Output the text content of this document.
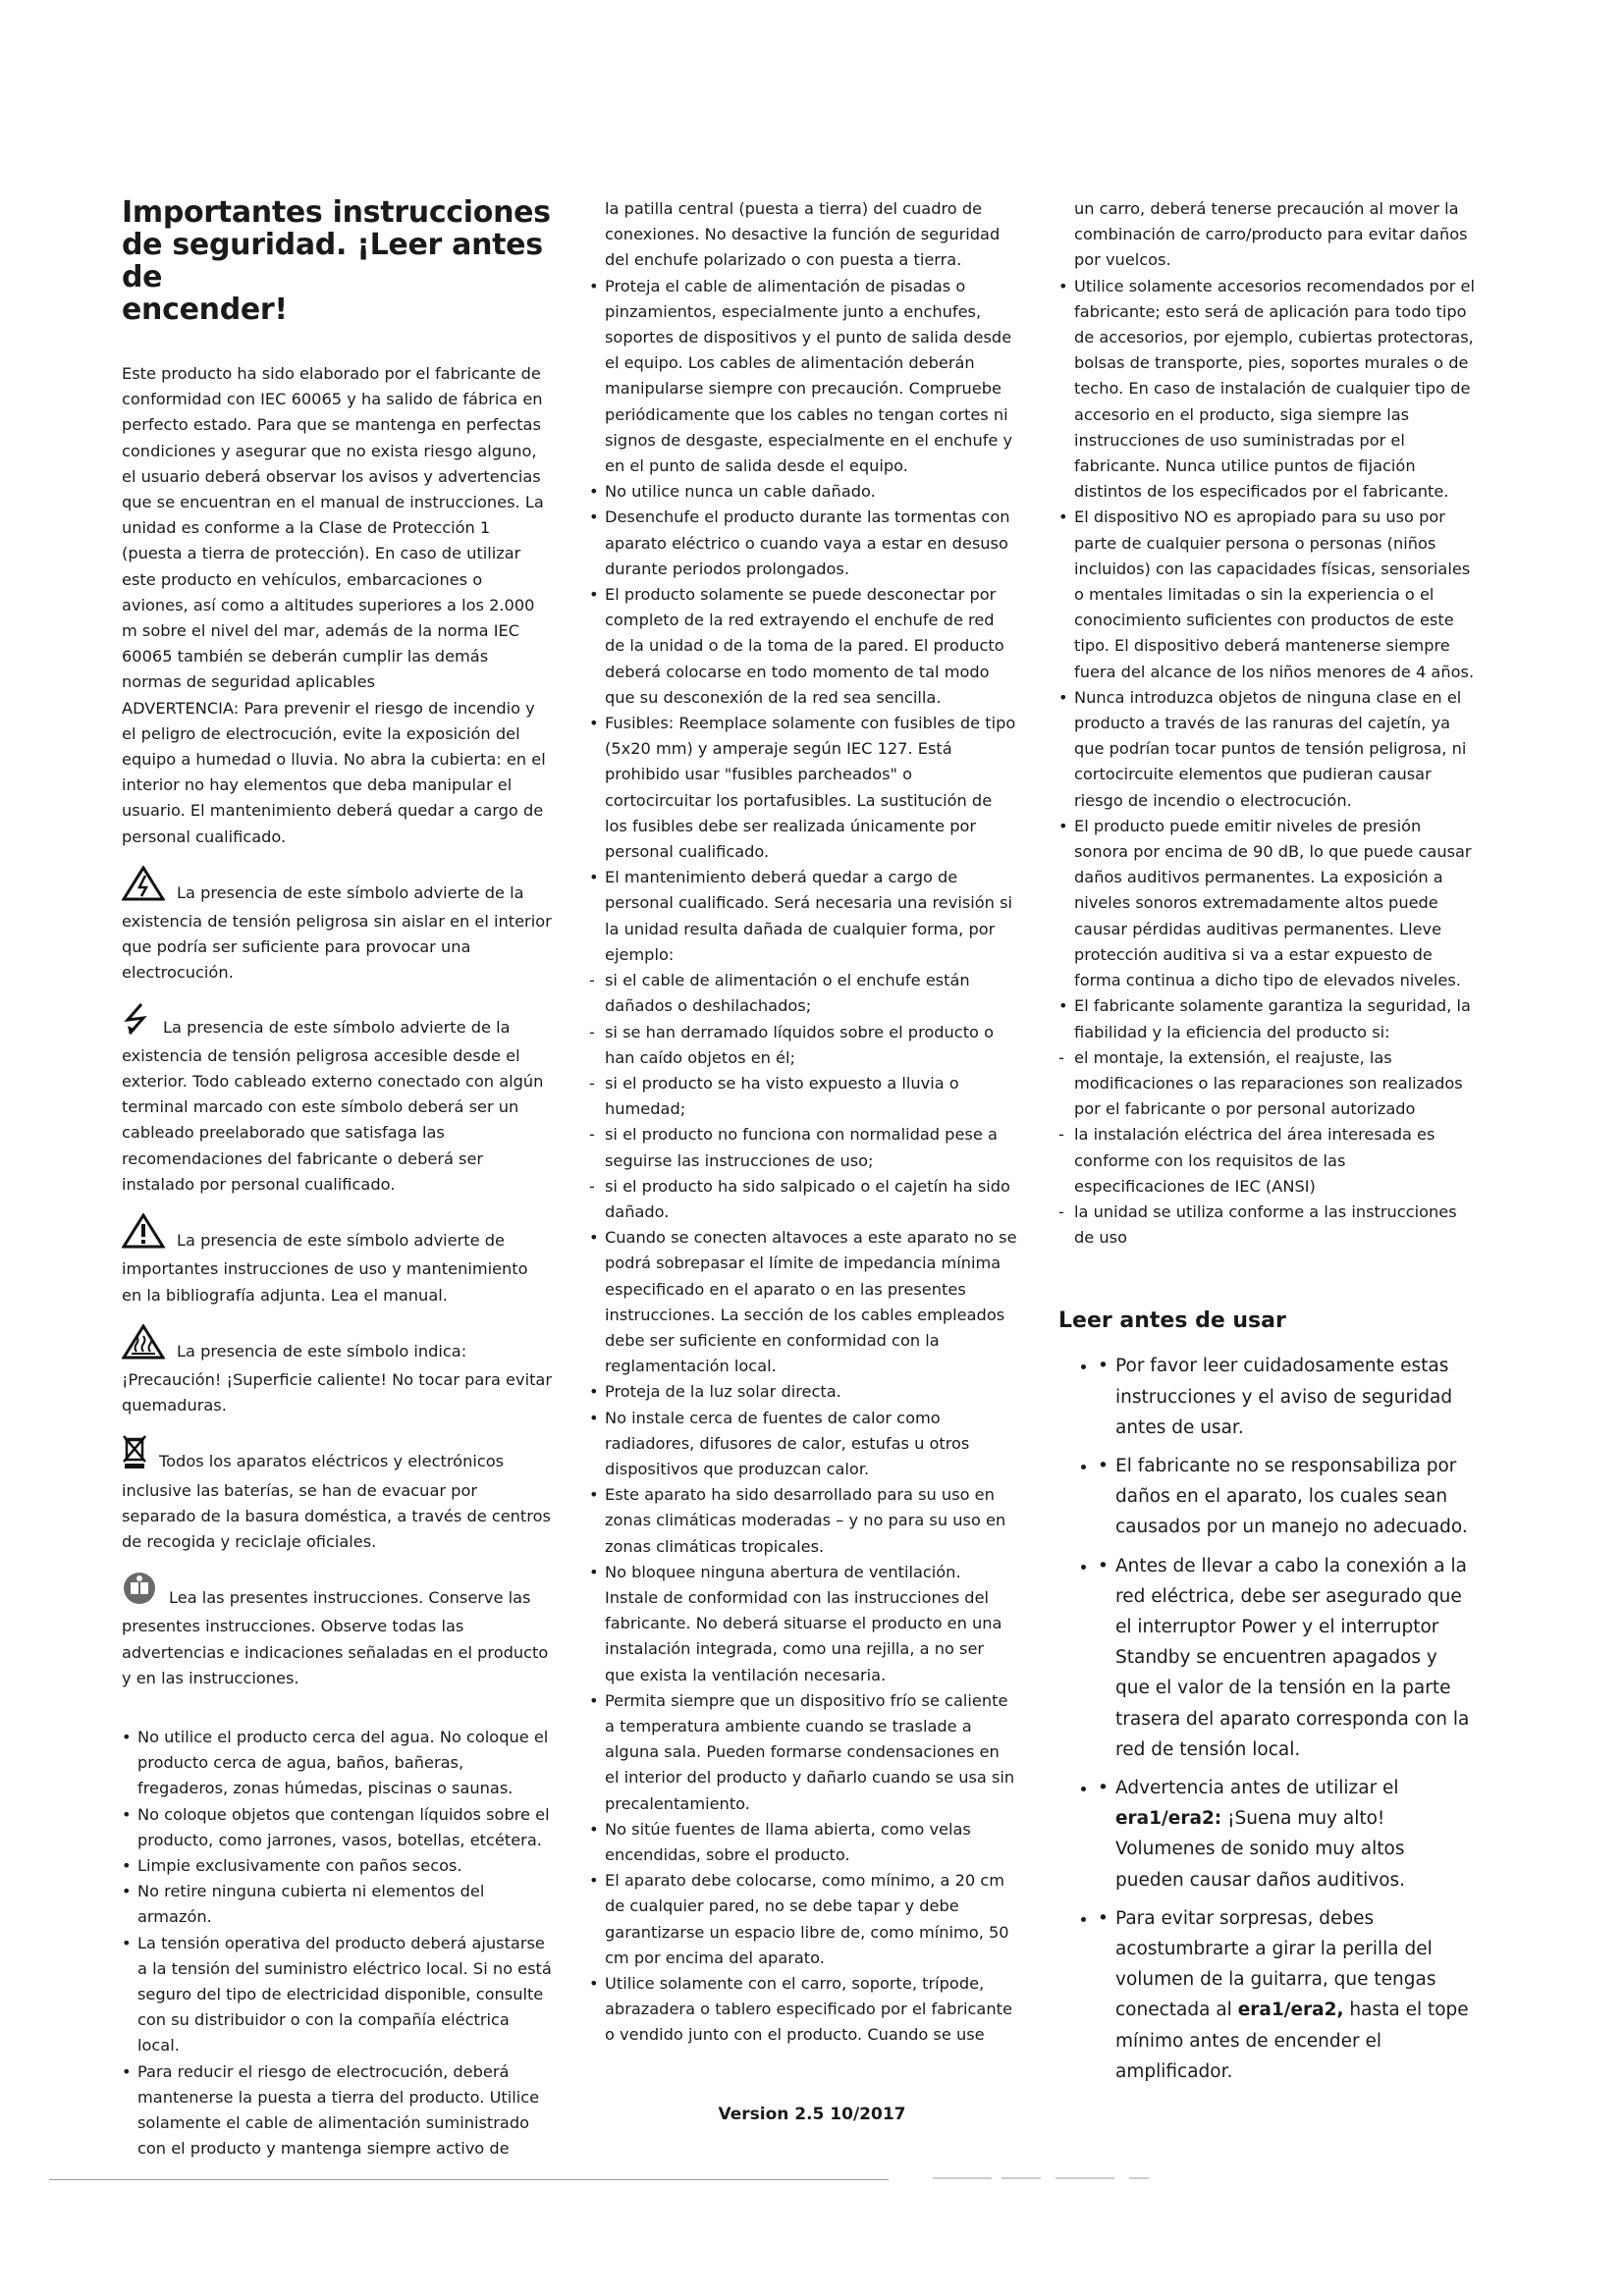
Importantes instrucciones
de seguridad. ¡Leer antes de
encender!

Este producto ha sido elaborado por el fabricante de conformidad con IEC 60065 y ha salido de fábrica en perfecto estado. Para que se mantenga en perfectas condiciones y asegurar que no exista riesgo alguno, el usuario deberá observar los avisos y advertencias que se encuentran en el manual de instrucciones. La unidad es conforme a la Clase de Protección 1 (puesta a tierra de protección). En caso de utilizar este producto en vehículos, embarcaciones o aviones, así como a altitudes superiores a los 2.000 m sobre el nivel del mar, además de la norma IEC 60065 también se deberán cumplir las demás normas de seguridad aplicables

ADVERTENCIA: Para prevenir el riesgo de incendio y el peligro de electrocución, evite la exposición del equipo a humedad o lluvia. No abra la cubierta: en el interior no hay elementos que deba manipular el usuario. El mantenimiento deberá quedar a cargo de personal cualificado.

La presencia de este símbolo advierte de la existencia de tensión peligrosa sin aislar en el interior que podría ser suficiente para provocar una electrocución.
La presencia de este símbolo advierte de la existencia de tensión peligrosa accesible desde el exterior. Todo cableado externo conectado con algún terminal marcado con este símbolo deberá ser un cableado preelaborado que satisfaga las recomendaciones del fabricante o deberá ser instalado por personal cualificado.
La presencia de este símbolo advierte de importantes instrucciones de uso y mantenimiento en la bibliografía adjunta. Lea el manual.
La presencia de este símbolo indica: ¡Precaución! ¡Superficie caliente! No tocar para evitar quemaduras.
Todos los aparatos eléctricos y electrónicos inclusive las baterías, se han de evacuar por separado de la basura doméstica, a través de centros de recogida y reciclaje oficiales.
Lea las presentes instrucciones. Conserve las presentes instrucciones. Observe todas las advertencias e indicaciones señaladas en el producto y en las instrucciones.
• No utilice el producto cerca del agua. No coloque el producto cerca de agua, baños, bañeras, fregaderos, zonas húmedas, piscinas o saunas.
• No coloque objetos que contengan líquidos sobre el producto, como jarrones, vasos, botellas, etcétera.
• Limpie exclusivamente con paños secos.
• No retire ninguna cubierta ni elementos del armazón.
• La tensión operativa del producto deberá ajustarse a la tensión del suministro eléctrico local. Si no está seguro del tipo de electricidad disponible, consulte con su distribuidor o con la compañía eléctrica local.
• Para reducir el riesgo de electrocución, deberá mantenerse la puesta a tierra del producto. Utilice solamente el cable de alimentación suministrado con el producto y mantenga siempre activo de

la patilla central (puesta a tierra) del cuadro de conexiones. No desactive la función de seguridad del enchufe polarizado o con puesta a tierra.

• Proteja el cable de alimentación de pisadas o pinzamientos, especialmente junto a enchufes, soportes de dispositivos y el punto de salida desde el equipo. Los cables de alimentación deberán manipularse siempre con precaución. Compruebe periódicamente que los cables no tengan cortes ni signos de desgaste, especialmente en el enchufe y en el punto de salida desde el equipo.
• No utilice nunca un cable dañado.
• Desenchufe el producto durante las tormentas con aparato eléctrico o cuando vaya a estar en desuso durante periodos prolongados.
• El producto solamente se puede desconectar por completo de la red extrayendo el enchufe de red de la unidad o de la toma de la pared. El producto deberá colocarse en todo momento de tal modo que su desconexión de la red sea sencilla.
• Fusibles: Reemplace solamente con fusibles de tipo (5x20 mm) y amperaje según IEC 127. Está prohibido usar "fusibles parcheados" o cortocircuitar los portafusibles. La sustitución de los fusibles debe ser realizada únicamente por personal cualificado.
• El mantenimiento deberá quedar a cargo de personal cualificado. Será necesaria una revisión si la unidad resulta dañada de cualquier forma, por ejemplo:
- si el cable de alimentación o el enchufe están dañados o deshilachados;
- si se han derramado líquidos sobre el producto o han caído objetos en él;
- si el producto se ha visto expuesto a lluvia o humedad;
- si el producto no funciona con normalidad pese a seguirse las instrucciones de uso;
- si el producto ha sido salpicado o el cajetín ha sido dañado.
• Cuando se conecten altavoces a este aparato no se podrá sobrepasar el límite de impedancia mínima especificado en el aparato o en las presentes instrucciones. La sección de los cables empleados debe ser suficiente en conformidad con la reglamentación local.
• Proteja de la luz solar directa.
• No instale cerca de fuentes de calor como radiadores, difusores de calor, estufas u otros dispositivos que produzcan calor.
• Este aparato ha sido desarrollado para su uso en zonas climáticas moderadas – y no para su uso en zonas climáticas tropicales.
• No bloquee ninguna abertura de ventilación. Instale de conformidad con las instrucciones del fabricante. No deberá situarse el producto en una instalación integrada, como una rejilla, a no ser que exista la ventilación necesaria.
• Permita siempre que un dispositivo frío se caliente a temperatura ambiente cuando se traslade a alguna sala. Pueden formarse condensaciones en el interior del producto y dañarlo cuando se usa sin precalentamiento.
• No sitúe fuentes de llama abierta, como velas encendidas, sobre el producto.
• El aparato debe colocarse, como mínimo, a 20 cm de cualquier pared, no se debe tapar y debe garantizarse un espacio libre de, como mínimo, 50 cm por encima del aparato.
• Utilice solamente con el carro, soporte, trípode, abrazadera o tablero especificado por el fabricante o vendido junto con el producto. Cuando se use

un carro, deberá tenerse precaución al mover la combinación de carro/producto para evitar daños por vuelcos.

• Utilice solamente accesorios recomendados por el fabricante; esto será de aplicación para todo tipo de accesorios, por ejemplo, cubiertas protectoras, bolsas de transporte, pies, soportes murales o de techo. En caso de instalación de cualquier tipo de accesorio en el producto, siga siempre las instrucciones de uso suministradas por el fabricante. Nunca utilice puntos de fijación distintos de los especificados por el fabricante.
• El dispositivo NO es apropiado para su uso por parte de cualquier persona o personas (niños incluidos) con las capacidades físicas, sensoriales o mentales limitadas o sin la experiencia o el conocimiento suficientes con productos de este tipo. El dispositivo deberá mantenerse siempre fuera del alcance de los niños menores de 4 años.
• Nunca introduzca objetos de ninguna clase en el producto a través de las ranuras del cajetín, ya que podrían tocar puntos de tensión peligrosa, ni cortocircuite elementos que pudieran causar riesgo de incendio o electrocución.
• El producto puede emitir niveles de presión sonora por encima de 90 dB, lo que puede causar daños auditivos permanentes. La exposición a niveles sonoros extremadamente altos puede causar pérdidas auditivas permanentes. Lleve protección auditiva si va a estar expuesto de forma continua a dicho tipo de elevados niveles.
• El fabricante solamente garantiza la seguridad, la fiabilidad y la eficiencia del producto si:
- el montaje, la extensión, el reajuste, las modificaciones o las reparaciones son realizados por el fabricante o por personal autorizado
- la instalación eléctrica del área interesada es conforme con los requisitos de las especificaciones de IEC (ANSI)
- la unidad se utiliza conforme a las instrucciones de uso
Leer antes de usar
• • Por favor leer cuidadosamente estas instrucciones y el aviso de seguridad antes de usar.
• • El fabricante no se responsabiliza por daños en el aparato, los cuales sean causados por un manejo no adecuado.
• • Antes de llevar a cabo la conexión a la red eléctrica, debe ser asegurado que el interruptor Power y el interruptor Standby se encuentren apagados y que el valor de la tensión en la parte trasera del aparato corresponda con la red de tensión local.
• • Advertencia antes de utilizar el era1/era2: ¡Suena muy alto! Volumenes de sonido muy altos pueden causar daños auditivos.
• • Para evitar sorpresas, debes acostumbrarte a girar la perilla del volumen de la guitarra, que tengas conectada al era1/era2, hasta el tope mínimo antes de encender el amplificador.
Version 2.5 10/2017
